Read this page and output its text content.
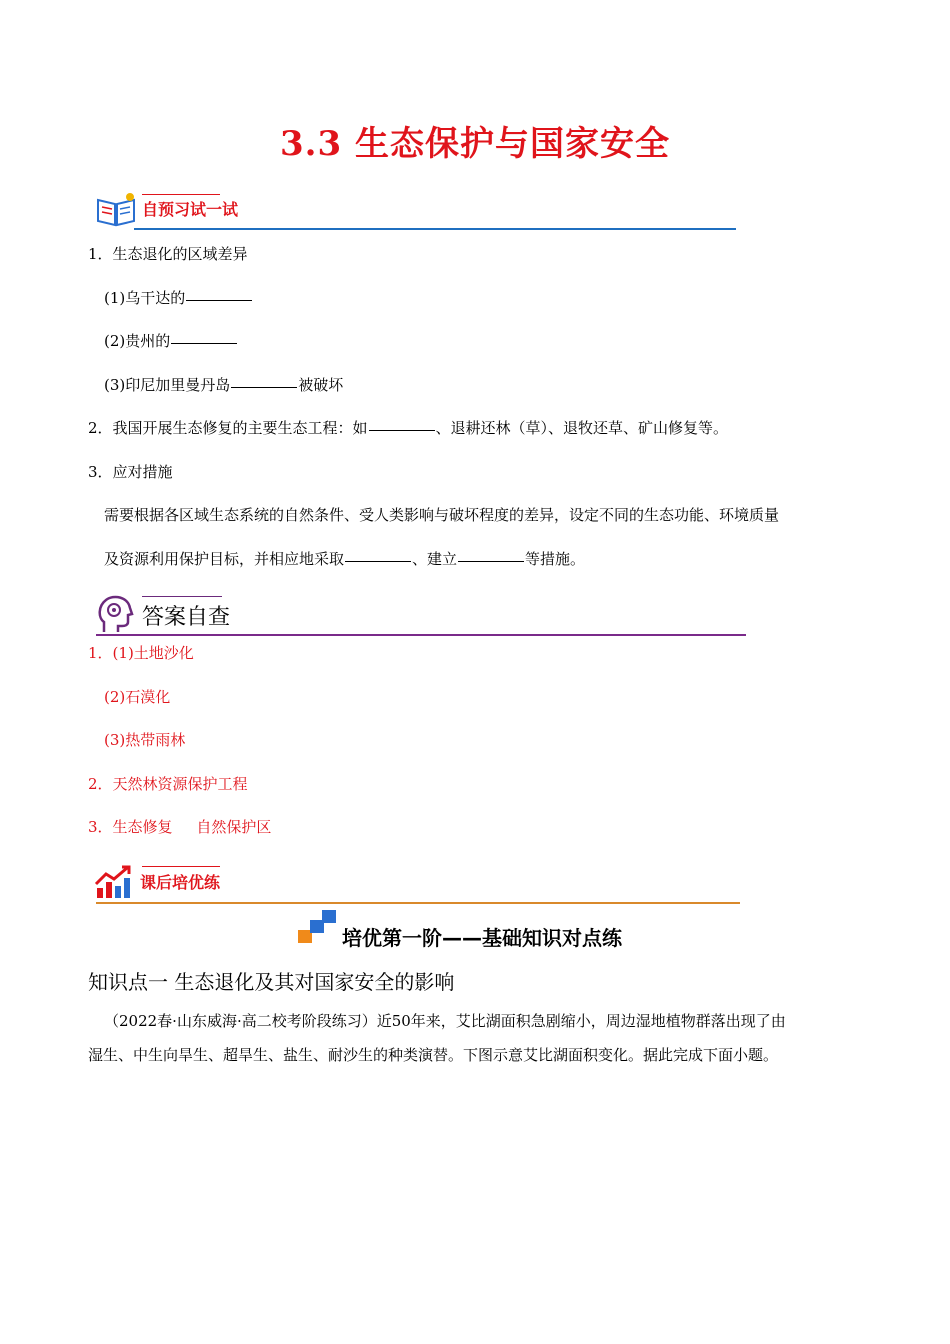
3.3 生态保护与国家安全
自预习试一试
1．生态退化的区域差异
(1)乌干达的
(2)贵州的
(3)印尼加里曼丹岛	被破坏
2．我国开展生态修复的主要生态工程：如	、退耕还林（草）、退牧还草、矿山修复等。
3．应对措施
需要根据各区域生态系统的自然条件、受人类影响与破坏程度的差异，设定不同的生态功能、环境质量
及资源利用保护目标，并相应地采取	、建立	等措施。
答案自查
1．(1)土地沙化
(2)石漠化
(3)热带雨林
2．天然林资源保护工程
3．生态修复     自然保护区
课后培优练
培优第一阶——基础知识对点练
知识点一 生态退化及其对国家安全的影响
（2022春·山东威海·高二校考阶段练习）近50年来，艾比湖面积急剧缩小，周边湿地植物群落出现了由
湿生、中生向旱生、超旱生、盐生、耐沙生的种类演替。下图示意艾比湖面积变化。据此完成下面小题。
